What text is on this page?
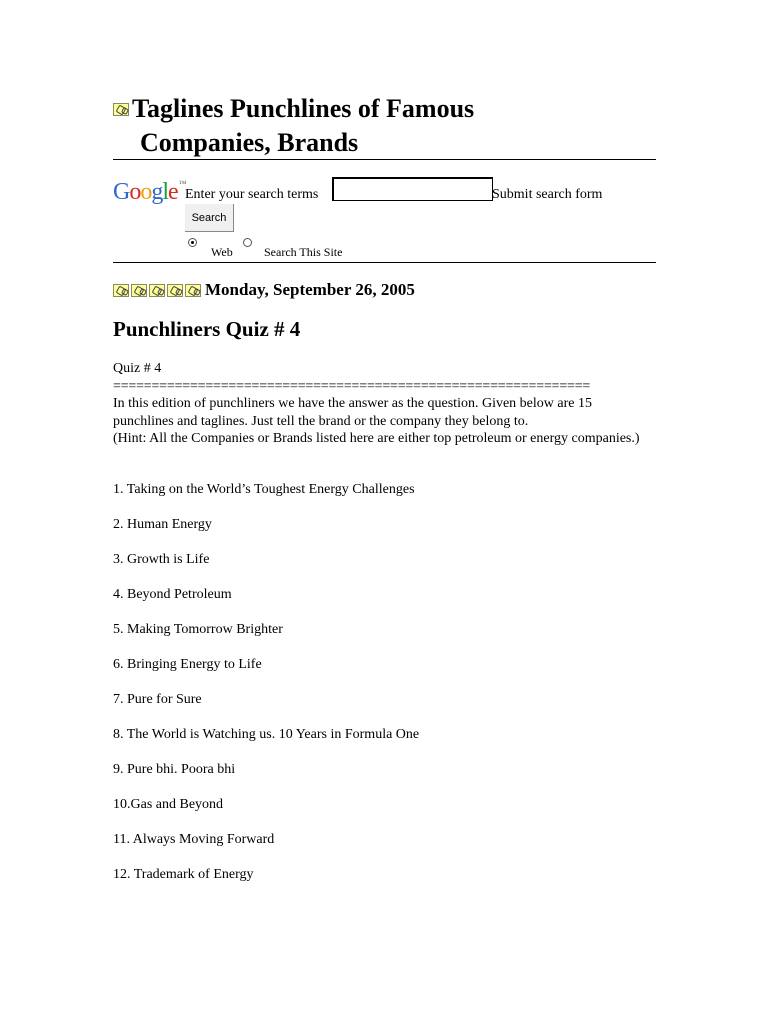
Taglines Punchlines of Famous
Companies, Brands
Google™
Enter your search terms	Submit search form
Search
Web	Search This Site
Monday, September 26, 2005
Punchliners Quiz # 4

Quiz # 4

==============================================================

In this edition of punchliners we have the answer as the question. Given below are 15 punchlines and taglines. Just tell the brand or the company they belong to.

(Hint: All the Companies or Brands listed here are either top petroleum or energy companies.)

1. Taking on the World’s Toughest Energy Challenges
2. Human Energy
3. Growth is Life
4. Beyond Petroleum
5. Making Tomorrow Brighter
6. Bringing Energy to Life
7. Pure for Sure
8. The World is Watching us. 10 Years in Formula One
9. Pure bhi. Poora bhi
10.Gas and Beyond
11. Always Moving Forward
12. Trademark of Energy
